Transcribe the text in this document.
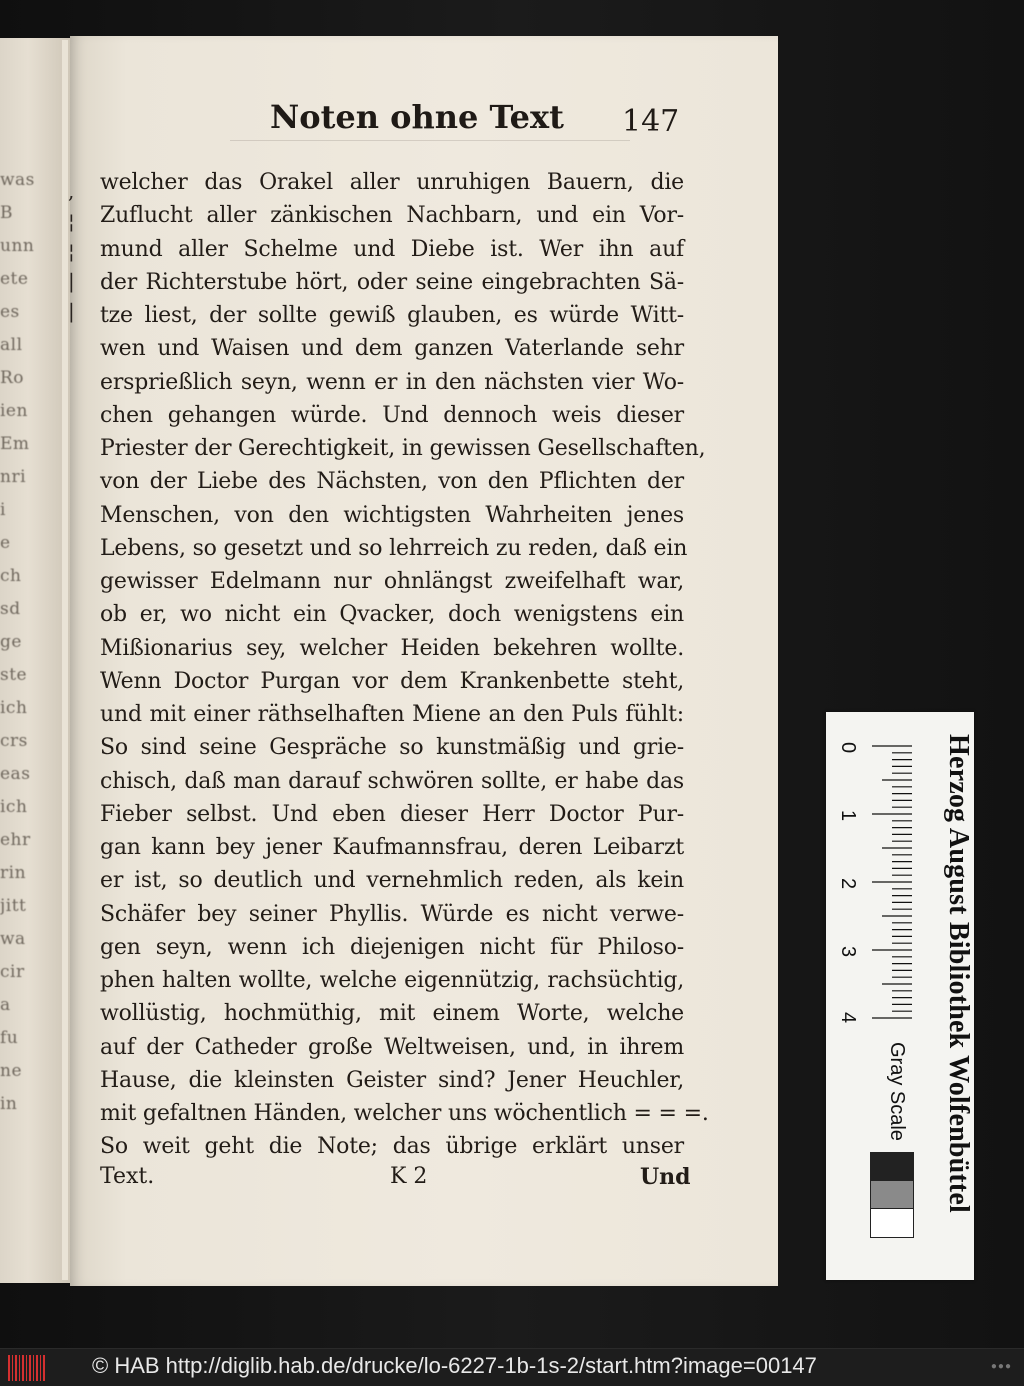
was
B
unn
ete
es
all
Ro
ien
Em
nri
i
e
ch
sd
ge
ste
ich
crs
eas
ich
ehr
rin
jitt
wa
cir
a
fu
ne
in
,
¦
¦
|
|
Noten ohne Text 147
welcher das Orakel aller unruhigen Bauern, die
Zuflucht aller zänkischen Nachbarn, und ein Vor-
mund aller Schelme und Diebe ist. Wer ihn auf
der Richterstube hört, oder seine eingebrachten Sä-
tze liest, der sollte gewiß glauben, es würde Witt-
wen und Waisen und dem ganzen Vaterlande sehr
ersprießlich seyn, wenn er in den nächsten vier Wo-
chen gehangen würde. Und dennoch weis dieser
Priester der Gerechtigkeit, in gewissen Gesellschaften,
von der Liebe des Nächsten, von den Pflichten der
Menschen, von den wichtigsten Wahrheiten jenes
Lebens, so gesetzt und so lehrreich zu reden, daß ein
gewisser Edelmann nur ohnlängst zweifelhaft war,
ob er, wo nicht ein Qvacker, doch wenigstens ein
Mißionarius sey, welcher Heiden bekehren wollte.
Wenn Doctor Purgan vor dem Krankenbette steht,
und mit einer räthselhaften Miene an den Puls fühlt:
So sind seine Gespräche so kunstmäßig und grie-
chisch, daß man darauf schwören sollte, er habe das
Fieber selbst. Und eben dieser Herr Doctor Pur-
gan kann bey jener Kaufmannsfrau, deren Leibarzt
er ist, so deutlich und vernehmlich reden, als kein
Schäfer bey seiner Phyllis. Würde es nicht verwe-
gen seyn, wenn ich diejenigen nicht für Philoso-
phen halten wollte, welche eigennützig, rachsüchtig,
wollüstig, hochmüthig, mit einem Worte, welche
auf der Catheder große Weltweisen, und, in ihrem
Hause, die kleinsten Geister sind? Jener Heuchler,
mit gefaltnen Händen, welcher uns wöchentlich = = =.
So weit geht die Note; das übrige erklärt unser
Text.	K 2	Und
0
1
2
3
4
Gray Scale	Herzog August Bibliothek Wolfenbüttel
© HAB http://diglib.hab.de/drucke/lo-6227-1b-1s-2/start.htm?image=00147	●●●
